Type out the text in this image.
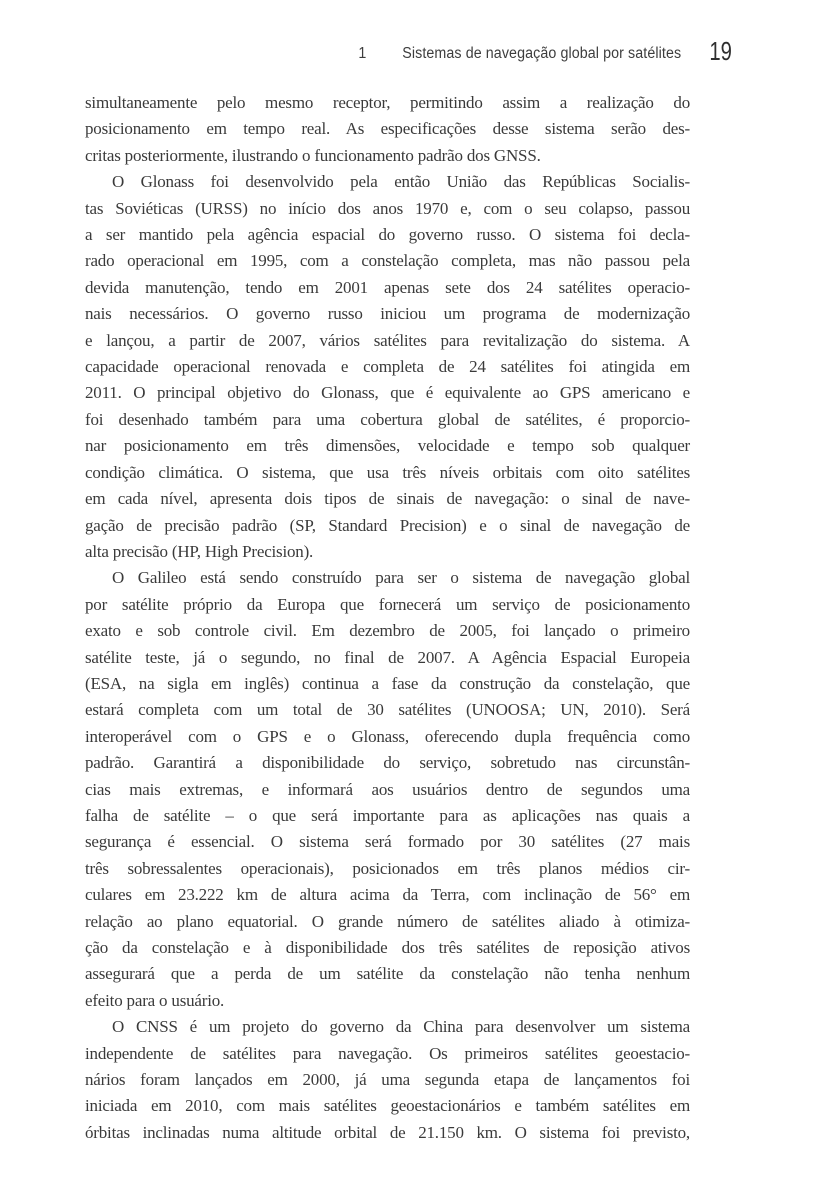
1 Sistemas de navegação global por satélites 19
simultaneamente pelo mesmo receptor, permitindo assim a realização do
posicionamento em tempo real. As especificações desse sistema serão des-
critas posteriormente, ilustrando o funcionamento padrão dos GNSS.
O Glonass foi desenvolvido pela então União das Repúblicas Socialis-
tas Soviéticas (URSS) no início dos anos 1970 e, com o seu colapso, passou
a ser mantido pela agência espacial do governo russo. O sistema foi decla-
rado operacional em 1995, com a constelação completa, mas não passou pela
devida manutenção, tendo em 2001 apenas sete dos 24 satélites operacio-
nais necessários. O governo russo iniciou um programa de modernização
e lançou, a partir de 2007, vários satélites para revitalização do sistema. A
capacidade operacional renovada e completa de 24 satélites foi atingida em
2011. O principal objetivo do Glonass, que é equivalente ao GPS americano e
foi desenhado também para uma cobertura global de satélites, é proporcio-
nar posicionamento em três dimensões, velocidade e tempo sob qualquer
condição climática. O sistema, que usa três níveis orbitais com oito satélites
em cada nível, apresenta dois tipos de sinais de navegação: o sinal de nave-
gação de precisão padrão (SP, Standard Precision) e o sinal de navegação de
alta precisão (HP, High Precision).
O Galileo está sendo construído para ser o sistema de navegação global
por satélite próprio da Europa que fornecerá um serviço de posicionamento
exato e sob controle civil. Em dezembro de 2005, foi lançado o primeiro
satélite teste, já o segundo, no final de 2007. A Agência Espacial Europeia
(ESA, na sigla em inglês) continua a fase da construção da constelação, que
estará completa com um total de 30 satélites (UNOOSA; UN, 2010). Será
interoperável com o GPS e o Glonass, oferecendo dupla frequência como
padrão. Garantirá a disponibilidade do serviço, sobretudo nas circunstân-
cias mais extremas, e informará aos usuários dentro de segundos uma
falha de satélite – o que será importante para as aplicações nas quais a
segurança é essencial. O sistema será formado por 30 satélites (27 mais
três sobressalentes operacionais), posicionados em três planos médios cir-
culares em 23.222 km de altura acima da Terra, com inclinação de 56° em
relação ao plano equatorial. O grande número de satélites aliado à otimiza-
ção da constelação e à disponibilidade dos três satélites de reposição ativos
assegurará que a perda de um satélite da constelação não tenha nenhum
efeito para o usuário.
O CNSS é um projeto do governo da China para desenvolver um sistema
independente de satélites para navegação. Os primeiros satélites geoestacio-
nários foram lançados em 2000, já uma segunda etapa de lançamentos foi
iniciada em 2010, com mais satélites geoestacionários e também satélites em
órbitas inclinadas numa altitude orbital de 21.150 km. O sistema foi previsto,
